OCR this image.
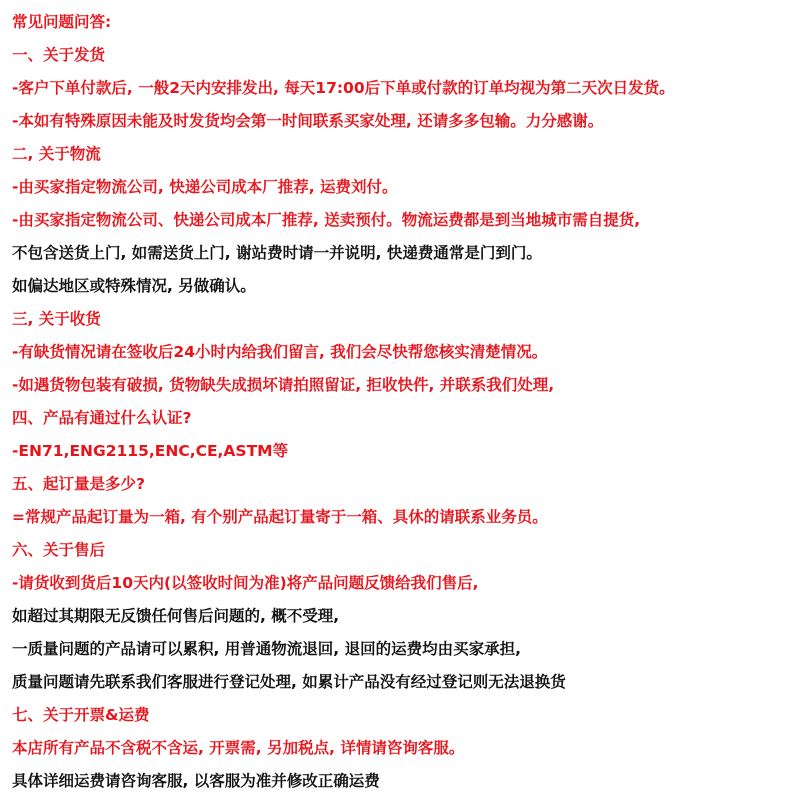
常见问题问答:
一、关于发货
-客户下单付款后, 一般2天内安排发出, 每天17:00后下单或付款的订单均视为第二天次日发货。
-本如有特殊原因未能及时发货均会第一时间联系买家处理, 还请多多包输。力分感谢。
二, 关于物流
-由买家指定物流公司, 快递公司成本厂推荐, 运费刘付。
-由买家指定物流公司、快递公司成本厂推荐, 送卖预付。物流运费都是到当地城市需自提货,
不包含送货上门, 如需送货上门, 谢站费时请一并说明, 快递费通常是门到门。
如偏达地区或特殊情况, 另做确认。
三, 关于收货
-有缺货情况请在签收后24小时内给我们留言, 我们会尽快帮您核实清楚情况。
-如遇货物包装有破损, 货物缺失成损坏请拍照留证, 拒收快件, 并联系我们处理,
四、产品有通过什么认证?
-EN71,ENG2115,ENC,CE,ASTM等
五、起订量是多少?
=常规产品起订量为一箱, 有个别产品起订量寄于一箱、具休的请联系业务员。
六、关于售后
-请货收到货后10天内(以签收时间为准)将产品问题反馈给我们售后,
如超过其期限无反馈任何售后问题的, 概不受理,
一质量问题的产品请可以累积, 用普通物流退回, 退回的运费均由买家承担,
质量问题请先联系我们客服进行登记处理, 如累计产品没有经过登记则无法退换货
七、关于开票&运费
本店所有产品不含税不含运, 开票需, 另加税点, 详情请咨询客服。
具体详细运费请咨询客服, 以客服为准并修改正确运费
